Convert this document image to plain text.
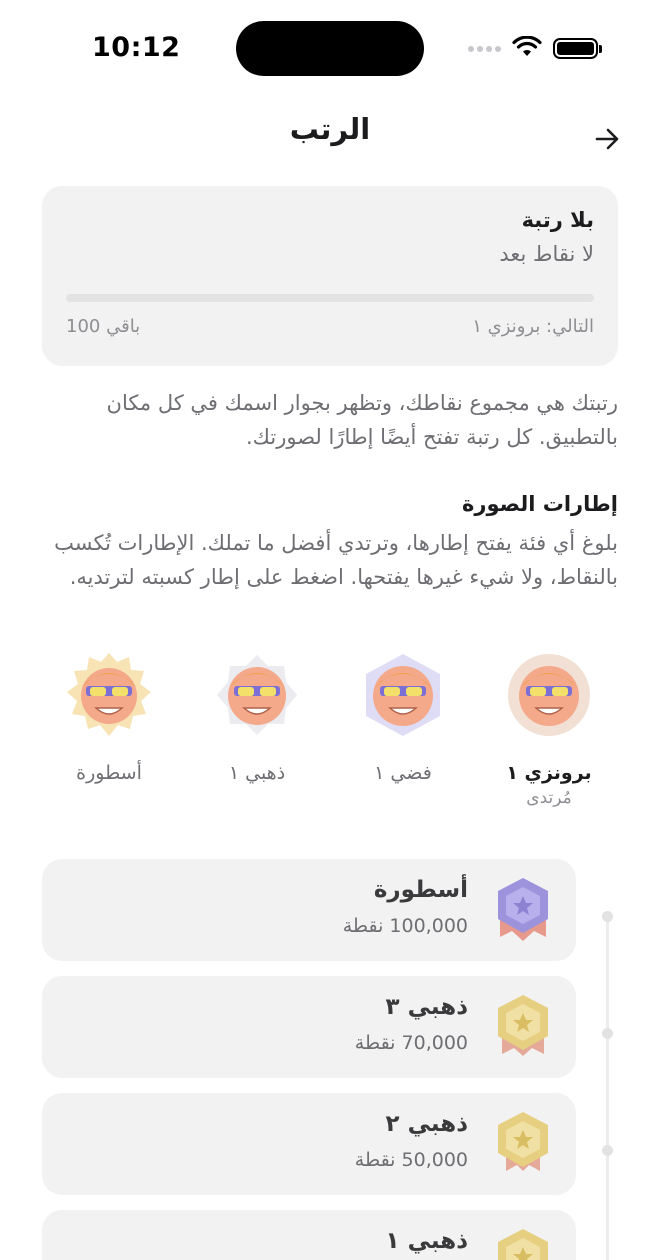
10:12
الرتب
بلا رتبة
لا نقاط بعد
التالي: برونزي ١
باقي 100
رتبتك هي مجموع نقاطك، وتظهر بجوار اسمك في كل مكان بالتطبيق. كل رتبة تفتح أيضًا إطارًا لصورتك.
إطارات الصورة
بلوغ أي فئة يفتح إطارها، وترتدي أفضل ما تملك. الإطارات تُكسب بالنقاط، ولا شيء غيرها يفتحها. اضغط على إطار كسبته لترتديه.
برونزي ١
مُرتدى
فضي ١
ذهبي ١
أسطورة
أسطورة
100,000 نقطة
ذهبي ٣
70,000 نقطة
ذهبي ٢
50,000 نقطة
ذهبي ١
